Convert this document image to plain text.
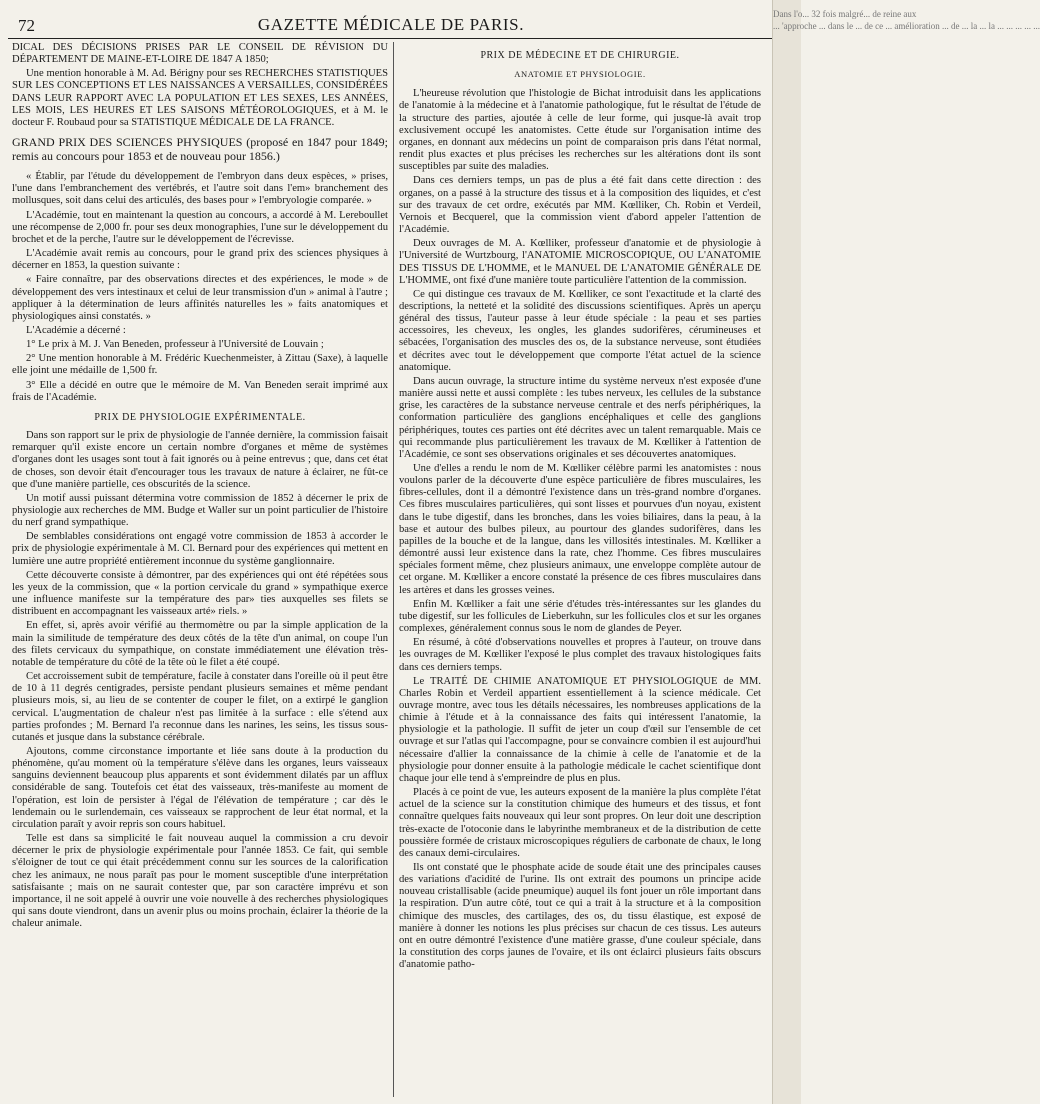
72	GAZETTE MÉDICALE DE PARIS.

DICAL DES DÉCISIONS PRISES PAR LE CONSEIL DE RÉVISION DU DÉPARTEMENT DE MAINE-ET-LOIRE DE 1847 A 1850;

Une mention honorable à M. Ad. Bérigny pour ses RECHERCHES STATISTIQUES SUR LES CONCEPTIONS ET LES NAISSANCES A VERSAILLES, CONSIDÉRÉES DANS LEUR RAPPORT AVEC LA POPULATION ET LES SEXES, LES ANNÉES, LES MOIS, LES HEURES ET LES SAISONS MÉTÉOROLOGIQUES, et à M. le docteur F. Roubaud pour sa STATISTIQUE MÉDICALE DE LA FRANCE.

GRAND PRIX DES SCIENCES PHYSIQUES (proposé en 1847 pour 1849; remis au concours pour 1853 et de nouveau pour 1856.)

« Établir, par l'étude du développement de l'embryon dans deux espèces, » prises, l'une dans l'embranchement des vertébrés, et l'autre soit dans l'em» branchement des mollusques, soit dans celui des articulés, des bases pour » l'embryologie comparée. »

L'Académie, tout en maintenant la question au concours, a accordé à M. Lereboullet une récompense de 2,000 fr. pour ses deux monographies, l'une sur le développement du brochet et de la perche, l'autre sur le développement de l'écrevisse.

L'Académie avait remis au concours, pour le grand prix des sciences physiques à décerner en 1853, la question suivante :

« Faire connaître, par des observations directes et des expériences, le mode » de développement des vers intestinaux et celui de leur transmission d'un » animal à l'autre ; appliquer à la détermination de leurs affinités naturelles les » faits anatomiques et physiologiques ainsi constatés. »

L'Académie a décerné :

1° Le prix à M. J. Van Beneden, professeur à l'Université de Louvain ;

2° Une mention honorable à M. Frédéric Kuechenmeister, à Zittau (Saxe), à laquelle elle joint une médaille de 1,500 fr.

3° Elle a décidé en outre que le mémoire de M. Van Beneden serait imprimé aux frais de l'Académie.

PRIX DE PHYSIOLOGIE EXPÉRIMENTALE.

Dans son rapport sur le prix de physiologie de l'année dernière, la commission faisait remarquer qu'il existe encore un certain nombre d'organes et même de systèmes d'organes dont les usages sont tout à fait ignorés ou à peine entrevus ; que, dans cet état de choses, son devoir était d'encourager tous les travaux de nature à éclairer, ne fût-ce que d'une manière partielle, ces obscurités de la science.

Un motif aussi puissant détermina votre commission de 1852 à décerner le prix de physiologie aux recherches de MM. Budge et Waller sur un point particulier de l'histoire du nerf grand sympathique.

De semblables considérations ont engagé votre commission de 1853 à accorder le prix de physiologie expérimentale à M. Cl. Bernard pour des expériences qui mettent en lumière une autre propriété entièrement inconnue du système ganglionnaire.

Cette découverte consiste à démontrer, par des expériences qui ont été répétées sous les yeux de la commission, que « la portion cervicale du grand » sympathique exerce une influence manifeste sur la température des par» ties auxquelles ses filets se distribuent en accompagnant les vaisseaux arté» riels. »

En effet, si, après avoir vérifié au thermomètre ou par la simple application de la main la similitude de température des deux côtés de la tête d'un animal, on coupe l'un des filets cervicaux du sympathique, on constate immédiatement une élévation très-notable de température du côté de la tête où le filet a été coupé.

Cet accroissement subit de température, facile à constater dans l'oreille où il peut être de 10 à 11 degrés centigrades, persiste pendant plusieurs semaines et même pendant plusieurs mois, si, au lieu de se contenter de couper le filet, on a extirpé le ganglion cervical. L'augmentation de chaleur n'est pas limitée à la surface : elle s'étend aux parties profondes ; M. Bernard l'a reconnue dans les narines, les seins, les tissus sous-cutanés et jusque dans la substance cérébrale.

Ajoutons, comme circonstance importante et liée sans doute à la production du phénomène, qu'au moment où la température s'élève dans les organes, leurs vaisseaux sanguins deviennent beaucoup plus apparents et sont évidemment dilatés par un afflux considérable de sang. Toutefois cet état des vaisseaux, très-manifeste au moment de l'opération, est loin de persister à l'égal de l'élévation de température ; car dès le lendemain ou le surlendemain, ces vaisseaux se rapprochent de leur état normal, et la circulation paraît y avoir repris son cours habituel.

Telle est dans sa simplicité le fait nouveau auquel la commission a cru devoir décerner le prix de physiologie expérimentale pour l'année 1853. Ce fait, qui semble s'éloigner de tout ce qui était précédemment connu sur les sources de la calorification chez les animaux, ne nous paraît pas pour le moment susceptible d'une interprétation satisfaisante ; mais on ne saurait contester que, par son caractère imprévu et son importance, il ne soit appelé à ouvrir une voie nouvelle à des recherches physiologiques qui sans doute viendront, dans un avenir plus ou moins prochain, éclairer la théorie de la chaleur animale.

PRIX DE MÉDECINE ET DE CHIRURGIE.

ANATOMIE ET PHYSIOLOGIE.

L'heureuse révolution que l'histologie de Bichat introduisit dans les applications de l'anatomie à la médecine et à l'anatomie pathologique, fut le résultat de l'étude de la structure des parties, ajoutée à celle de leur forme, qui jusque-là avait trop exclusivement occupé les anatomistes. Cette étude sur l'organisation intime des organes, en donnant aux médecins un point de comparaison pris dans l'état normal, rendit plus exactes et plus précises les recherches sur les altérations dont ils sont susceptibles par suite des maladies.

Dans ces derniers temps, un pas de plus a été fait dans cette direction : des organes, on a passé à la structure des tissus et à la composition des liquides, et c'est sur des travaux de cet ordre, exécutés par MM. Kœlliker, Ch. Robin et Verdeil, Vernois et Becquerel, que la commission vient d'abord appeler l'attention de l'Académie.

Deux ouvrages de M. A. Kœlliker, professeur d'anatomie et de physiologie à l'Université de Wurtzbourg, l'ANATOMIE MICROSCOPIQUE, OU L'ANATOMIE DES TISSUS DE L'HOMME, et le MANUEL DE L'ANATOMIE GÉNÉRALE DE L'HOMME, ont fixé d'une manière toute particulière l'attention de la commission.

Ce qui distingue ces travaux de M. Kœlliker, ce sont l'exactitude et la clarté des descriptions, la netteté et la solidité des discussions scientifiques. Après un aperçu général des tissus, l'auteur passe à leur étude spéciale : la peau et ses parties accessoires, les cheveux, les ongles, les glandes sudorifères, cérumineuses et sébacées, l'organisation des muscles des os, de la substance nerveuse, sont étudiées et décrites avec tout le développement que comporte l'état actuel de la science anatomique.

Dans aucun ouvrage, la structure intime du système nerveux n'est exposée d'une manière aussi nette et aussi complète : les tubes nerveux, les cellules de la substance grise, les caractères de la substance nerveuse centrale et des nerfs périphériques, la conformation particulière des ganglions encéphaliques et celle des ganglions périphériques, toutes ces parties ont été décrites avec un talent remarquable. Mais ce qui recommande plus particulièrement les travaux de M. Kœlliker à l'attention de l'Académie, ce sont ses observations originales et ses découvertes anatomiques.

Une d'elles a rendu le nom de M. Kœlliker célèbre parmi les anatomistes : nous voulons parler de la découverte d'une espèce particulière de fibres musculaires, les fibres-cellules, dont il a démontré l'existence dans un très-grand nombre d'organes. Ces fibres musculaires particulières, qui sont lisses et pourvues d'un noyau, existent dans le tube digestif, dans les bronches, dans les voies biliaires, dans la peau, à la base et autour des bulbes pileux, au pourtour des glandes sudorifères, dans les papilles de la bouche et de la langue, dans les villosités intestinales. M. Kœlliker a démontré aussi leur existence dans la rate, chez l'homme. Ces fibres musculaires spéciales forment même, chez plusieurs animaux, une enveloppe complète autour de cet organe. M. Kœlliker a encore constaté la présence de ces fibres musculaires dans les artères et dans les grosses veines.

Enfin M. Kœlliker a fait une série d'études très-intéressantes sur les glandes du tube digestif, sur les follicules de Lieberkuhn, sur les follicules clos et sur les organes complexes, généralement connus sous le nom de glandes de Peyer.

En résumé, à côté d'observations nouvelles et propres à l'auteur, on trouve dans les ouvrages de M. Kœlliker l'exposé le plus complet des travaux histologiques faits dans ces derniers temps.

Le TRAITÉ DE CHIMIE ANATOMIQUE ET PHYSIOLOGIQUE de MM. Charles Robin et Verdeil appartient essentiellement à la science médicale. Cet ouvrage montre, avec tous les détails nécessaires, les nombreuses applications de la chimie à l'étude et à la connaissance des faits qui intéressent l'anatomie, la physiologie et la pathologie. Il suffit de jeter un coup d'œil sur l'ensemble de cet ouvrage et sur l'atlas qui l'accompagne, pour se convaincre combien il est aujourd'hui nécessaire d'allier la connaissance de la chimie à celle de l'anatomie et de la physiologie pour donner ensuite à la pathologie médicale le cachet scientifique dont chaque jour elle tend à s'empreindre de plus en plus.

Placés à ce point de vue, les auteurs exposent de la manière la plus complète l'état actuel de la science sur la constitution chimique des humeurs et des tissus, et font connaître quelques faits nouveaux qui leur sont propres. On leur doit une description très-exacte de l'otoconie dans le labyrinthe membraneux et de la distribution de cette poussière formée de cristaux microscopiques réguliers de carbonate de chaux, le long des canaux demi-circulaires.

Ils ont constaté que le phosphate acide de soude était une des principales causes des variations d'acidité de l'urine. Ils ont extrait des poumons un principe acide nouveau cristallisable (acide pneumique) auquel ils font jouer un rôle important dans la respiration. D'un autre côté, tout ce qui a trait à la structure et à la composition chimique des muscles, des cartilages, des os, du tissu élastique, est exposé de manière à donner les notions les plus précises sur chacun de ces tissus. Les auteurs ont en outre démontré l'existence d'une matière grasse, d'une couleur spéciale, dans la constitution des corps jaunes de l'ovaire, et ils ont éclairci plusieurs faits obscurs d'anatomie patho-

Dans l'o... 32 fois malgré... de reine aux
... 'approche ... dans le ... de ce ... amélioration ... de ... la ... la ... ... ... ... ...
